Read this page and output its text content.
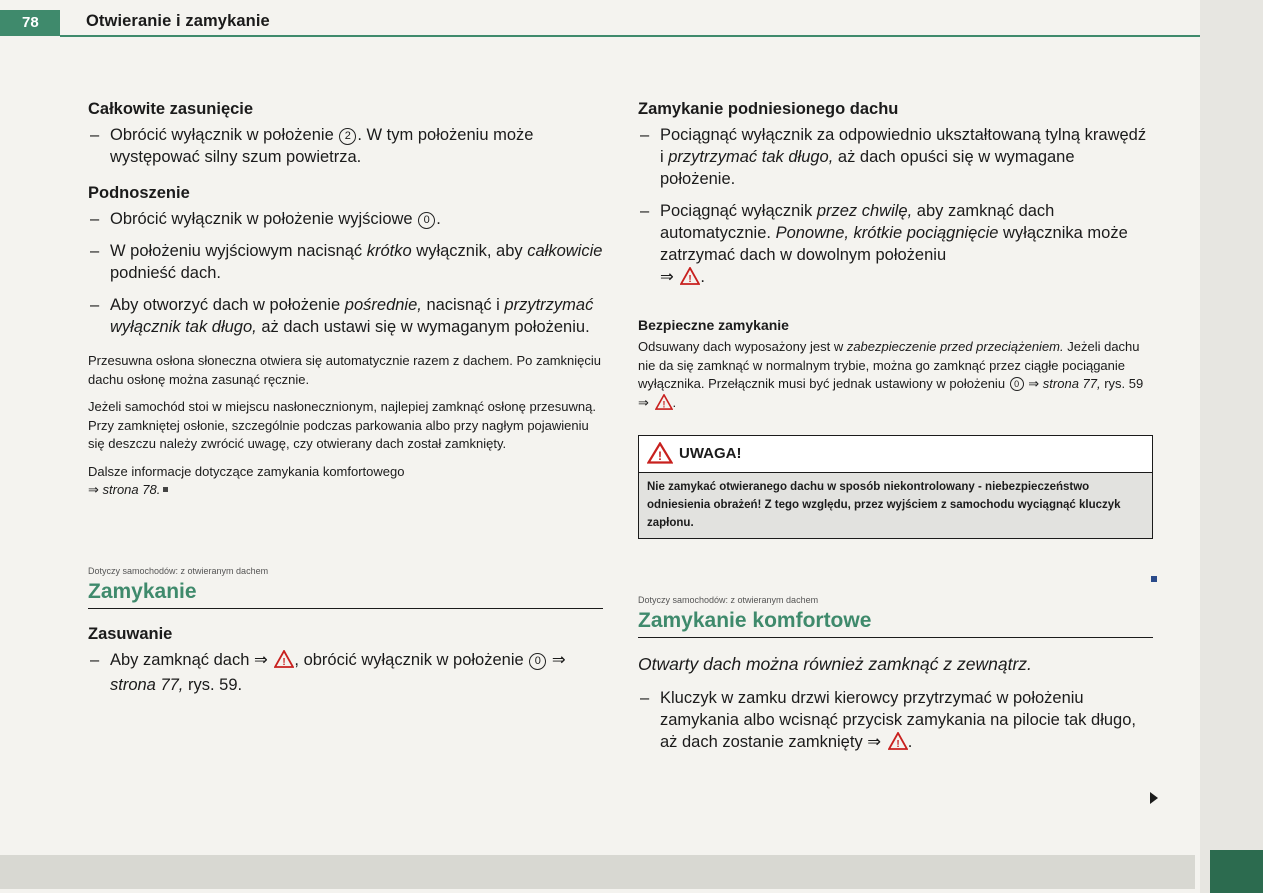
78	Otwieranie i zamykanie
Całkowite zasunięcie
– Obrócić wyłącznik w położenie 2 . W tym położeniu może występować silny szum powietrza.
Podnoszenie
– Obrócić wyłącznik w położenie wyjściowe 0 .
– W położeniu wyjściowym nacisnąć krótko wyłącznik, aby całkowicie podnieść dach.
– Aby otworzyć dach w położenie pośrednie, nacisnąć i przytrzymać wyłącznik tak długo, aż dach ustawi się w wymaganym położeniu.
Przesuwna osłona słoneczna otwiera się automatycznie razem z dachem. Po zamknięciu dachu osłonę można zasunąć ręcznie.
Jeżeli samochód stoi w miejscu nasłonecznionym, najlepiej zamknąć osłonę przesuwną. Przy zamkniętej osłonie, szczególnie podczas parkowania albo przy nagłym pojawieniu się deszczu należy zwrócić uwagę, czy otwierany dach został zamknięty.
Dalsze informacje dotyczące zamykania komfortowego
⇒ strona 78.
Dotyczy samochodów: z otwieranym dachem
Zamykanie
Zasuwanie
– Aby zamknąć dach ⇒ ! , obrócić wyłącznik w położenie 0 ⇒ strona 77, rys. 59.
Zamykanie podniesionego dachu
– Pociągnąć wyłącznik za odpowiednio ukształtowaną tylną krawędź i przytrzymać tak długo, aż dach opuści się w wymagane położenie.
– Pociągnąć wyłącznik przez chwilę, aby zamknąć dach automatycznie. Ponowne, krótkie pociągnięcie wyłącznika może zatrzymać dach w dowolnym położeniu
⇒ ! .
Bezpieczne zamykanie
Odsuwany dach wyposażony jest w zabezpieczenie przed przeciążeniem. Jeżeli dachu nie da się zamknąć w normalnym trybie, można go zamknąć przez ciągłe pociąganie wyłącznika. Przełącznik musi być jednak ustawiony w położeniu 0 ⇒ strona 77, rys. 59 ⇒ ! .
! UWAGA!
Nie zamykać otwieranego dachu w sposób niekontrolowany - niebezpieczeństwo odniesienia obrażeń! Z tego względu, przez wyjściem z samochodu wyciągnąć kluczyk zapłonu.
Dotyczy samochodów: z otwieranym dachem
Zamykanie komfortowe
Otwarty dach można również zamknąć z zewnątrz.
– Kluczyk w zamku drzwi kierowcy przytrzymać w położeniu zamykania albo wcisnąć przycisk zamykania na pilocie tak długo, aż dach zostanie zamknięty ⇒ ! .
